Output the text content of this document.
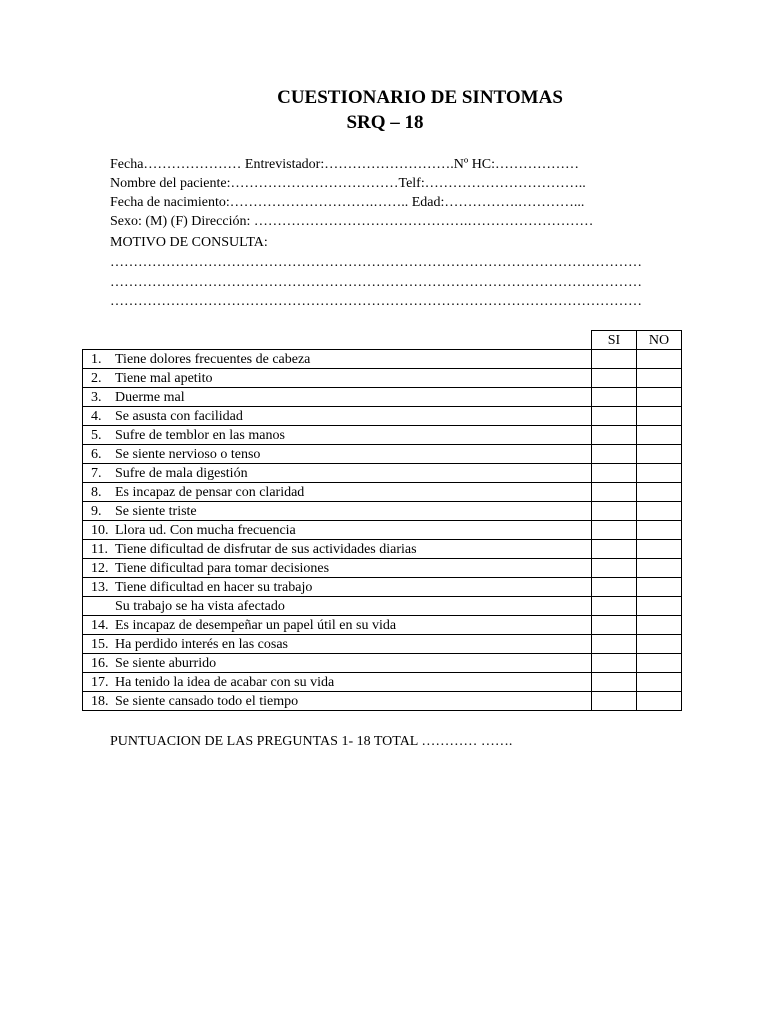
CUESTIONARIO DE SINTOMAS
SRQ – 18
Fecha………………… Entrevistador:……………………….Nº HC:………………
Nombre del paciente:………………………………Telf:……………………………..
Fecha de nacimiento:………………………….…….. Edad:…………….…………...
Sexo: (M) (F) Dirección: ……………………………………….………………………
MOTIVO DE CONSULTA:
……………………………………………………………………………………………………
……………………………………………………………………………………………………
……………………………………………………………………………………………………
	SI	NO
1. Tiene dolores frecuentes de cabeza		
2. Tiene mal apetito		
3. Duerme mal		
4. Se asusta con facilidad		
5. Sufre de temblor en las manos		
6. Se siente nervioso o tenso		
7. Sufre de mala digestión		
8. Es incapaz de pensar con claridad		
9. Se siente triste		
10. Llora ud. Con mucha frecuencia		
11. Tiene dificultad de disfrutar de sus actividades diarias		
12. Tiene dificultad para tomar decisiones		
13. Tiene dificultad en hacer su trabajo		
Su trabajo se ha vista afectado		
14. Es incapaz de desempeñar un papel útil en su vida		
15. Ha perdido interés en las cosas		
16. Se siente aburrido		
17. Ha tenido la idea de acabar con su vida		
18. Se siente cansado todo el tiempo		
PUNTUACION DE LAS PREGUNTAS 1- 18 TOTAL ………… …….
